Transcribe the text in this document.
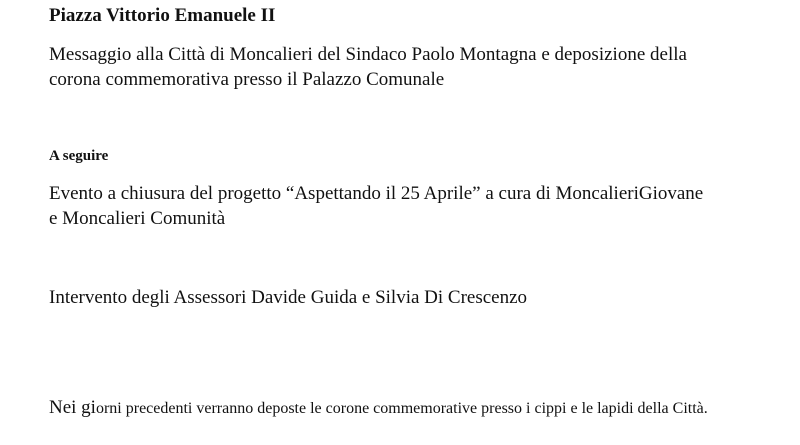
Piazza Vittorio Emanuele II
Messaggio alla Città di Moncalieri del Sindaco Paolo Montagna e deposizione della
corona commemorativa presso il Palazzo Comunale
A seguire
Evento a chiusura del progetto “Aspettando il 25 Aprile” a cura di MoncalieriGiovane
e Moncalieri Comunità
Intervento degli Assessori Davide Guida e Silvia Di Crescenzo
Nei giorni precedenti verranno deposte le corone commemorative presso i cippi e le lapidi della Città.
